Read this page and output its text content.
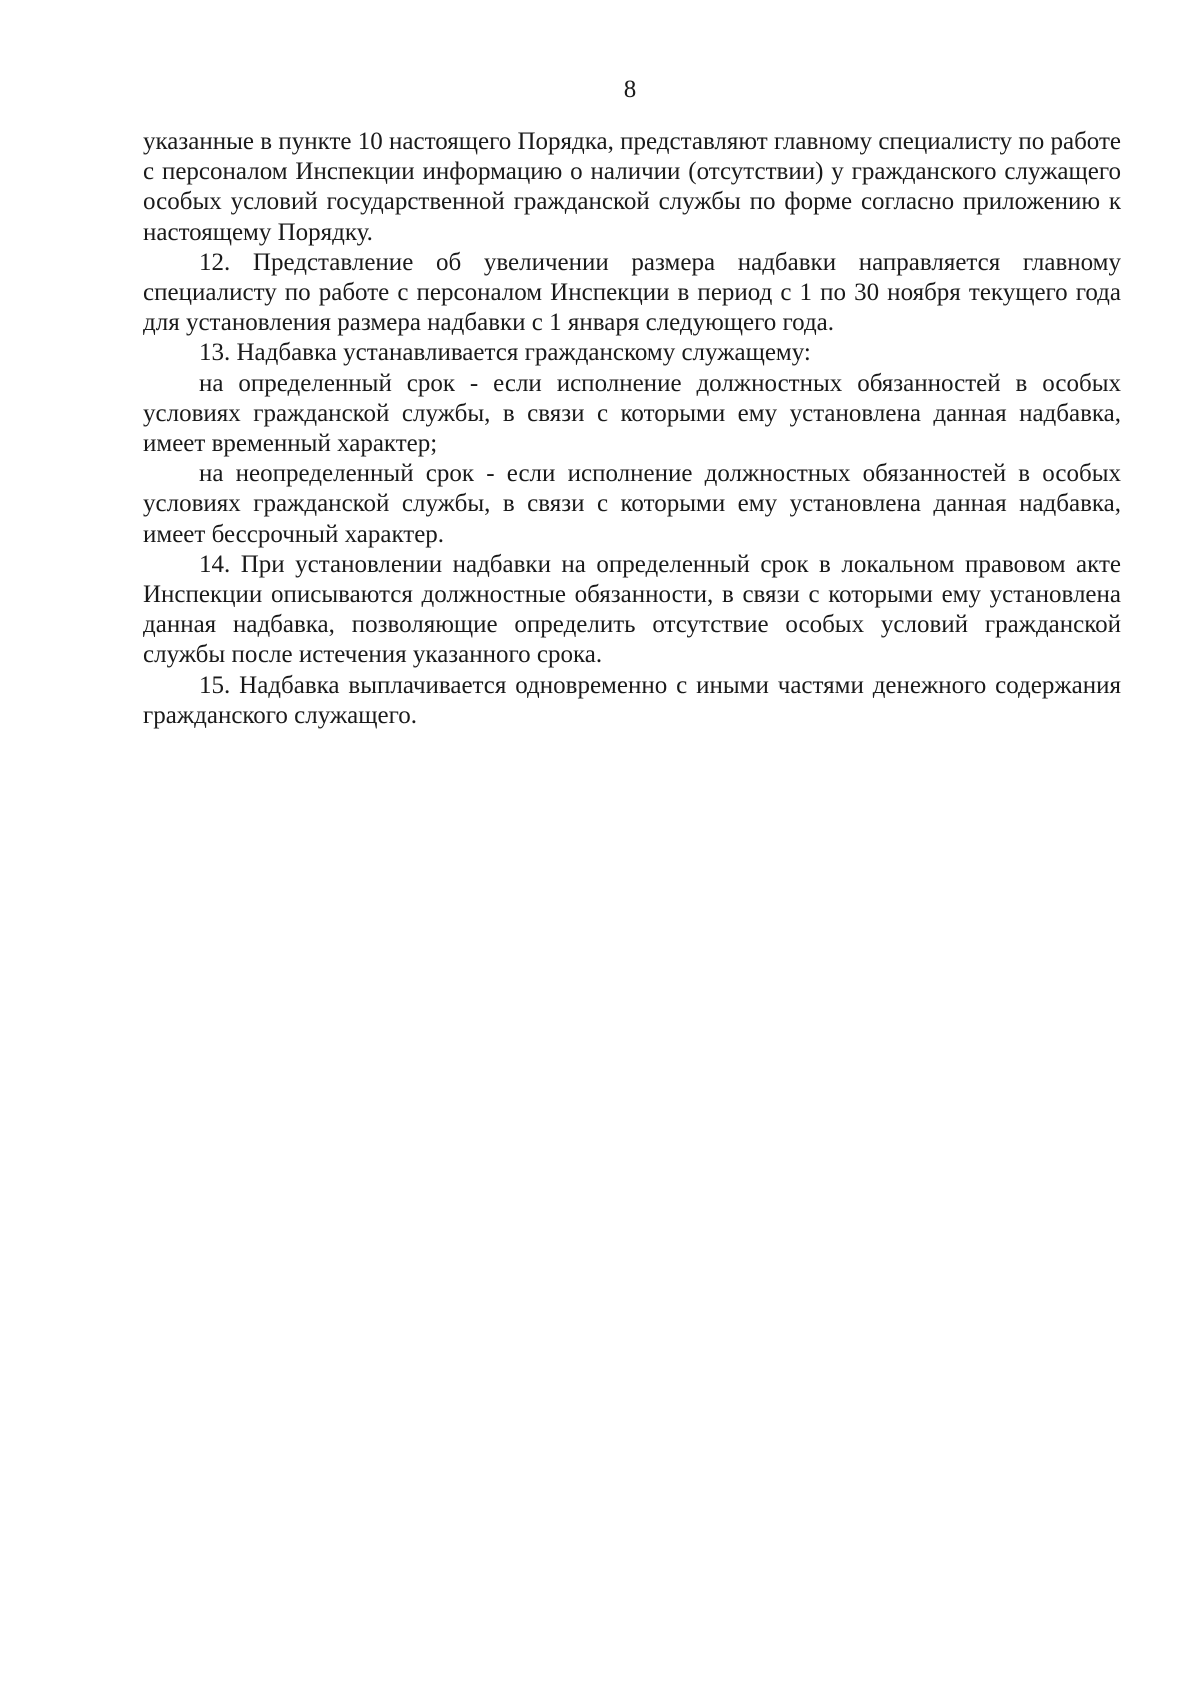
8

указанные в пункте 10 настоящего Порядка, представляют главному специалисту по работе с персоналом Инспекции информацию о наличии (отсутствии) у гражданского служащего особых условий государственной гражданской службы по форме согласно приложению к настоящему Порядку.

12. Представление об увеличении размера надбавки направляется главному специалисту по работе с персоналом Инспекции в период с 1 по 30 ноября текущего года для установления размера надбавки с 1 января следующего года.

13. Надбавка устанавливается гражданскому служащему:

на определенный срок - если исполнение должностных обязанностей в особых условиях гражданской службы, в связи с которыми ему установлена данная надбавка, имеет временный характер;

на неопределенный срок - если исполнение должностных обязанностей в особых условиях гражданской службы, в связи с которыми ему установлена данная надбавка, имеет бессрочный характер.

14. При установлении надбавки на определенный срок в локальном правовом акте Инспекции описываются должностные обязанности, в связи с которыми ему установлена данная надбавка, позволяющие определить отсутствие особых условий гражданской службы после истечения указанного срока.

15. Надбавка выплачивается одновременно с иными частями денежного содержания гражданского служащего.
